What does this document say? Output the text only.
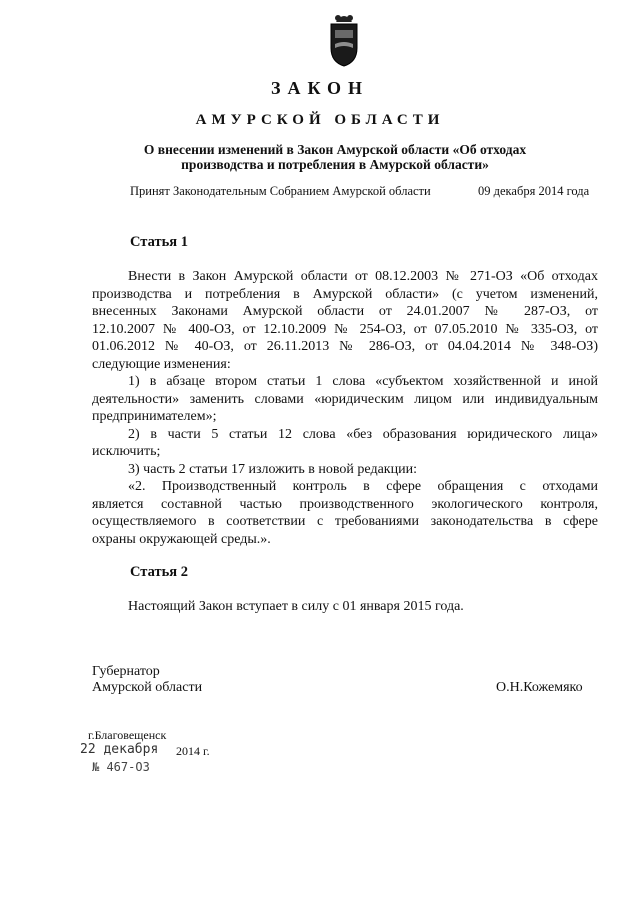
ЗАКОН
АМУРСКОЙ ОБЛАСТИ
О внесении изменений в Закон Амурской области «Об отходах
производства и потребления в Амурской области»
Принят Законодательным Собранием Амурской области	09 декабря 2014 года
Статья 1
Внести в Закон Амурской области от 08.12.2003 № 271-ОЗ «Об отходах
производства и потребления в Амурской области» (с учетом изменений,
внесенных Законами Амурской области от 24.01.2007 № 287-ОЗ, от
12.10.2007 № 400-ОЗ, от 12.10.2009 № 254-ОЗ, от 07.05.2010 № 335-ОЗ, от
01.06.2012 № 40-ОЗ, от 26.11.2013 № 286-ОЗ, от 04.04.2014 № 348-ОЗ)
следующие изменения:
1) в абзаце втором статьи 1 слова «субъектом хозяйственной и иной
деятельности» заменить словами «юридическим лицом или индивидуальным
предпринимателем»;
2) в части 5 статьи 12 слова «без образования юридического лица»
исключить;
3) часть 2 статьи 17 изложить в новой редакции:
«2. Производственный контроль в сфере обращения с отходами
является составной частью производственного экологического контроля,
осуществляемого в соответствии с требованиями законодательства в сфере
охраны окружающей среды.».
Статья 2
Настоящий Закон вступает в силу с 01 января 2015 года.
Губернатор
Амурской области	О.Н.Кожемяко
г.Благовещенск
22 декабря 2014 г.
№ 467-ОЗ
